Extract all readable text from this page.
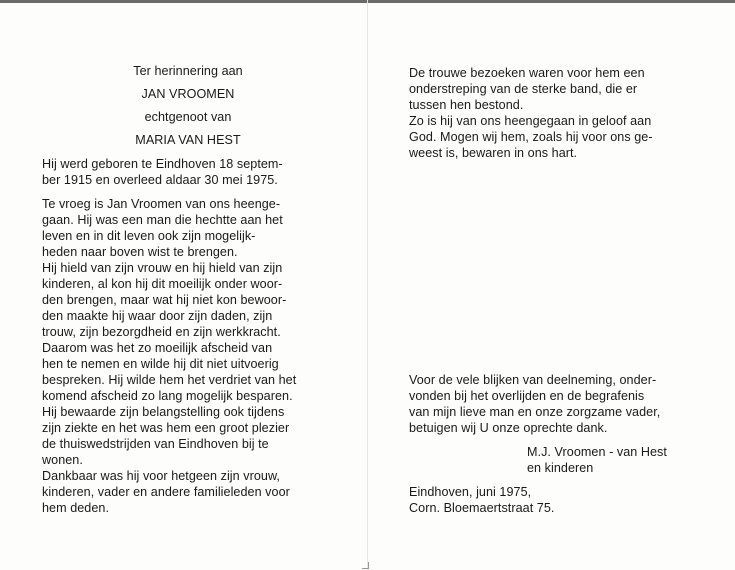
Ter herinnering aan
JAN VROOMEN
echtgenoot van
MARIA VAN HEST
Hij werd geboren te Eindhoven 18 septem-
ber 1915 en overleed aldaar 30 mei 1975.
Te vroeg is Jan Vroomen van ons heenge-
gaan. Hij was een man die hechtte aan het
leven en in dit leven ook zijn mogelijk-
heden naar boven wist te brengen.
Hij hield van zijn vrouw en hij hield van zijn
kinderen, al kon hij dit moeilijk onder woor-
den brengen, maar wat hij niet kon bewoor-
den maakte hij waar door zijn daden, zijn
trouw, zijn bezorgdheid en zijn werkkracht.
Daarom was het zo moeilijk afscheid van
hen te nemen en wilde hij dit niet uitvoerig
bespreken. Hij wilde hem het verdriet van het
komend afscheid zo lang mogelijk besparen.
Hij bewaarde zijn belangstelling ook tijdens
zijn ziekte en het was hem een groot plezier
de thuiswedstrijden van Eindhoven bij te
wonen.
Dankbaar was hij voor hetgeen zijn vrouw,
kinderen, vader en andere familieleden voor
hem deden.
De trouwe bezoeken waren voor hem een
onderstreping van de sterke band, die er
tussen hen bestond.
Zo is hij van ons heengegaan in geloof aan
God. Mogen wij hem, zoals hij voor ons ge-
weest is, bewaren in ons hart.
Voor de vele blijken van deelneming, onder-
vonden bij het overlijden en de begrafenis
van mijn lieve man en onze zorgzame vader,
betuigen wij U onze oprechte dank.
M.J. Vroomen - van Hest
en kinderen
Eindhoven, juni 1975,
Corn. Bloemaertstraat 75.
